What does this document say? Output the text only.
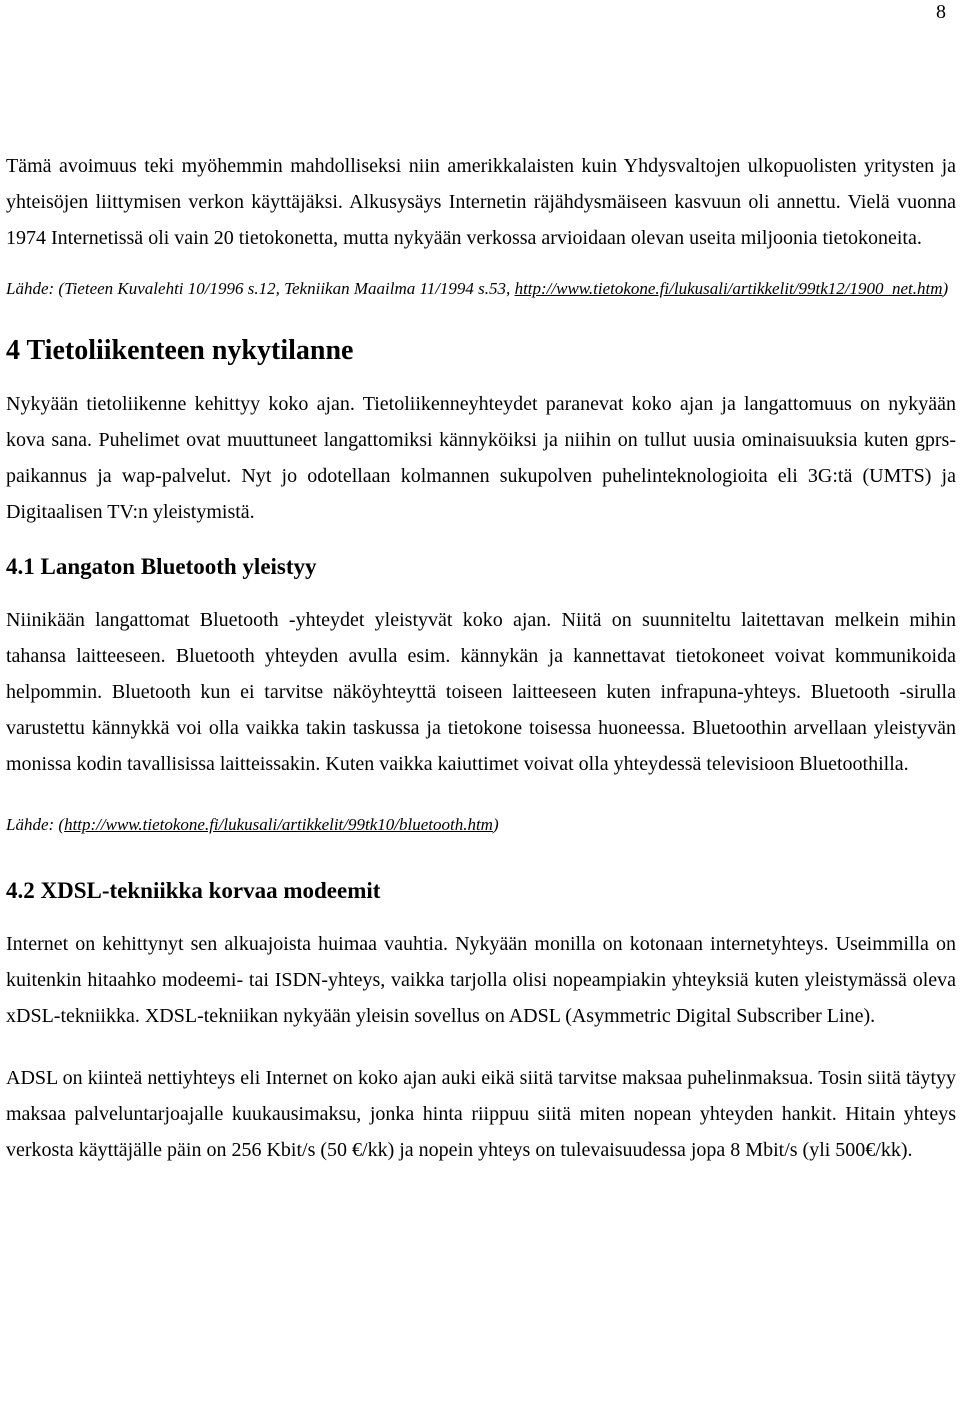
8

Tämä avoimuus teki myöhemmin mahdolliseksi niin amerikkalaisten kuin Yhdysvaltojen ulkopuolisten yritysten ja yhteisöjen liittymisen verkon käyttäjäksi. Alkusysäys Internetin räjähdysmäiseen kasvuun oli annettu. Vielä vuonna 1974 Internetissä oli vain 20 tietokonetta, mutta nykyään verkossa arvioidaan olevan useita miljoonia tietokoneita.

Lähde: (Tieteen Kuvalehti 10/1996 s.12, Tekniikan Maailma 11/1994 s.53, http://www.tietokone.fi/lukusali/artikkelit/99tk12/1900_net.htm)

4 Tietoliikenteen nykytilanne

Nykyään tietoliikenne kehittyy koko ajan. Tietoliikenneyhteydet paranevat koko ajan ja langattomuus on nykyään kova sana. Puhelimet ovat muuttuneet langattomiksi kännyköiksi ja niihin on tullut uusia ominaisuuksia kuten gprs-paikannus ja wap-palvelut. Nyt jo odotellaan kolmannen sukupolven puhelinteknologioita eli 3G:tä (UMTS) ja Digitaalisen TV:n yleistymistä.

4.1 Langaton Bluetooth yleistyy

Niinikään langattomat Bluetooth -yhteydet yleistyvät koko ajan. Niitä on suunniteltu laitettavan melkein mihin tahansa laitteeseen. Bluetooth yhteyden avulla esim. kännykän ja kannettavat tietokoneet voivat kommunikoida helpommin. Bluetooth kun ei tarvitse näköyhteyttä toiseen laitteeseen kuten infrapuna-yhteys. Bluetooth -sirulla varustettu kännykkä voi olla vaikka takin taskussa ja tietokone toisessa huoneessa. Bluetoothin arvellaan yleistyvän monissa kodin tavallisissa laitteissakin. Kuten vaikka kaiuttimet voivat olla yhteydessä televisioon Bluetoothilla.

Lähde: (http://www.tietokone.fi/lukusali/artikkelit/99tk10/bluetooth.htm)

4.2 XDSL-tekniikka korvaa modeemit

Internet on kehittynyt sen alkuajoista huimaa vauhtia. Nykyään monilla on kotonaan internetyhteys. Useimmilla on kuitenkin hitaahko modeemi- tai ISDN-yhteys, vaikka tarjolla olisi nopeampiakin yhteyksiä kuten yleistymässä oleva xDSL-tekniikka. XDSL-tekniikan nykyään yleisin sovellus on ADSL (Asymmetric Digital Subscriber Line).

ADSL on kiinteä nettiyhteys eli Internet on koko ajan auki eikä siitä tarvitse maksaa puhelinmaksua. Tosin siitä täytyy maksaa palveluntarjoajalle kuukausimaksu, jonka hinta riippuu siitä miten nopean yhteyden hankit. Hitain yhteys verkosta käyttäjälle päin on 256 Kbit/s (50 €/kk) ja nopein yhteys on tulevaisuudessa jopa 8 Mbit/s (yli 500€/kk).
